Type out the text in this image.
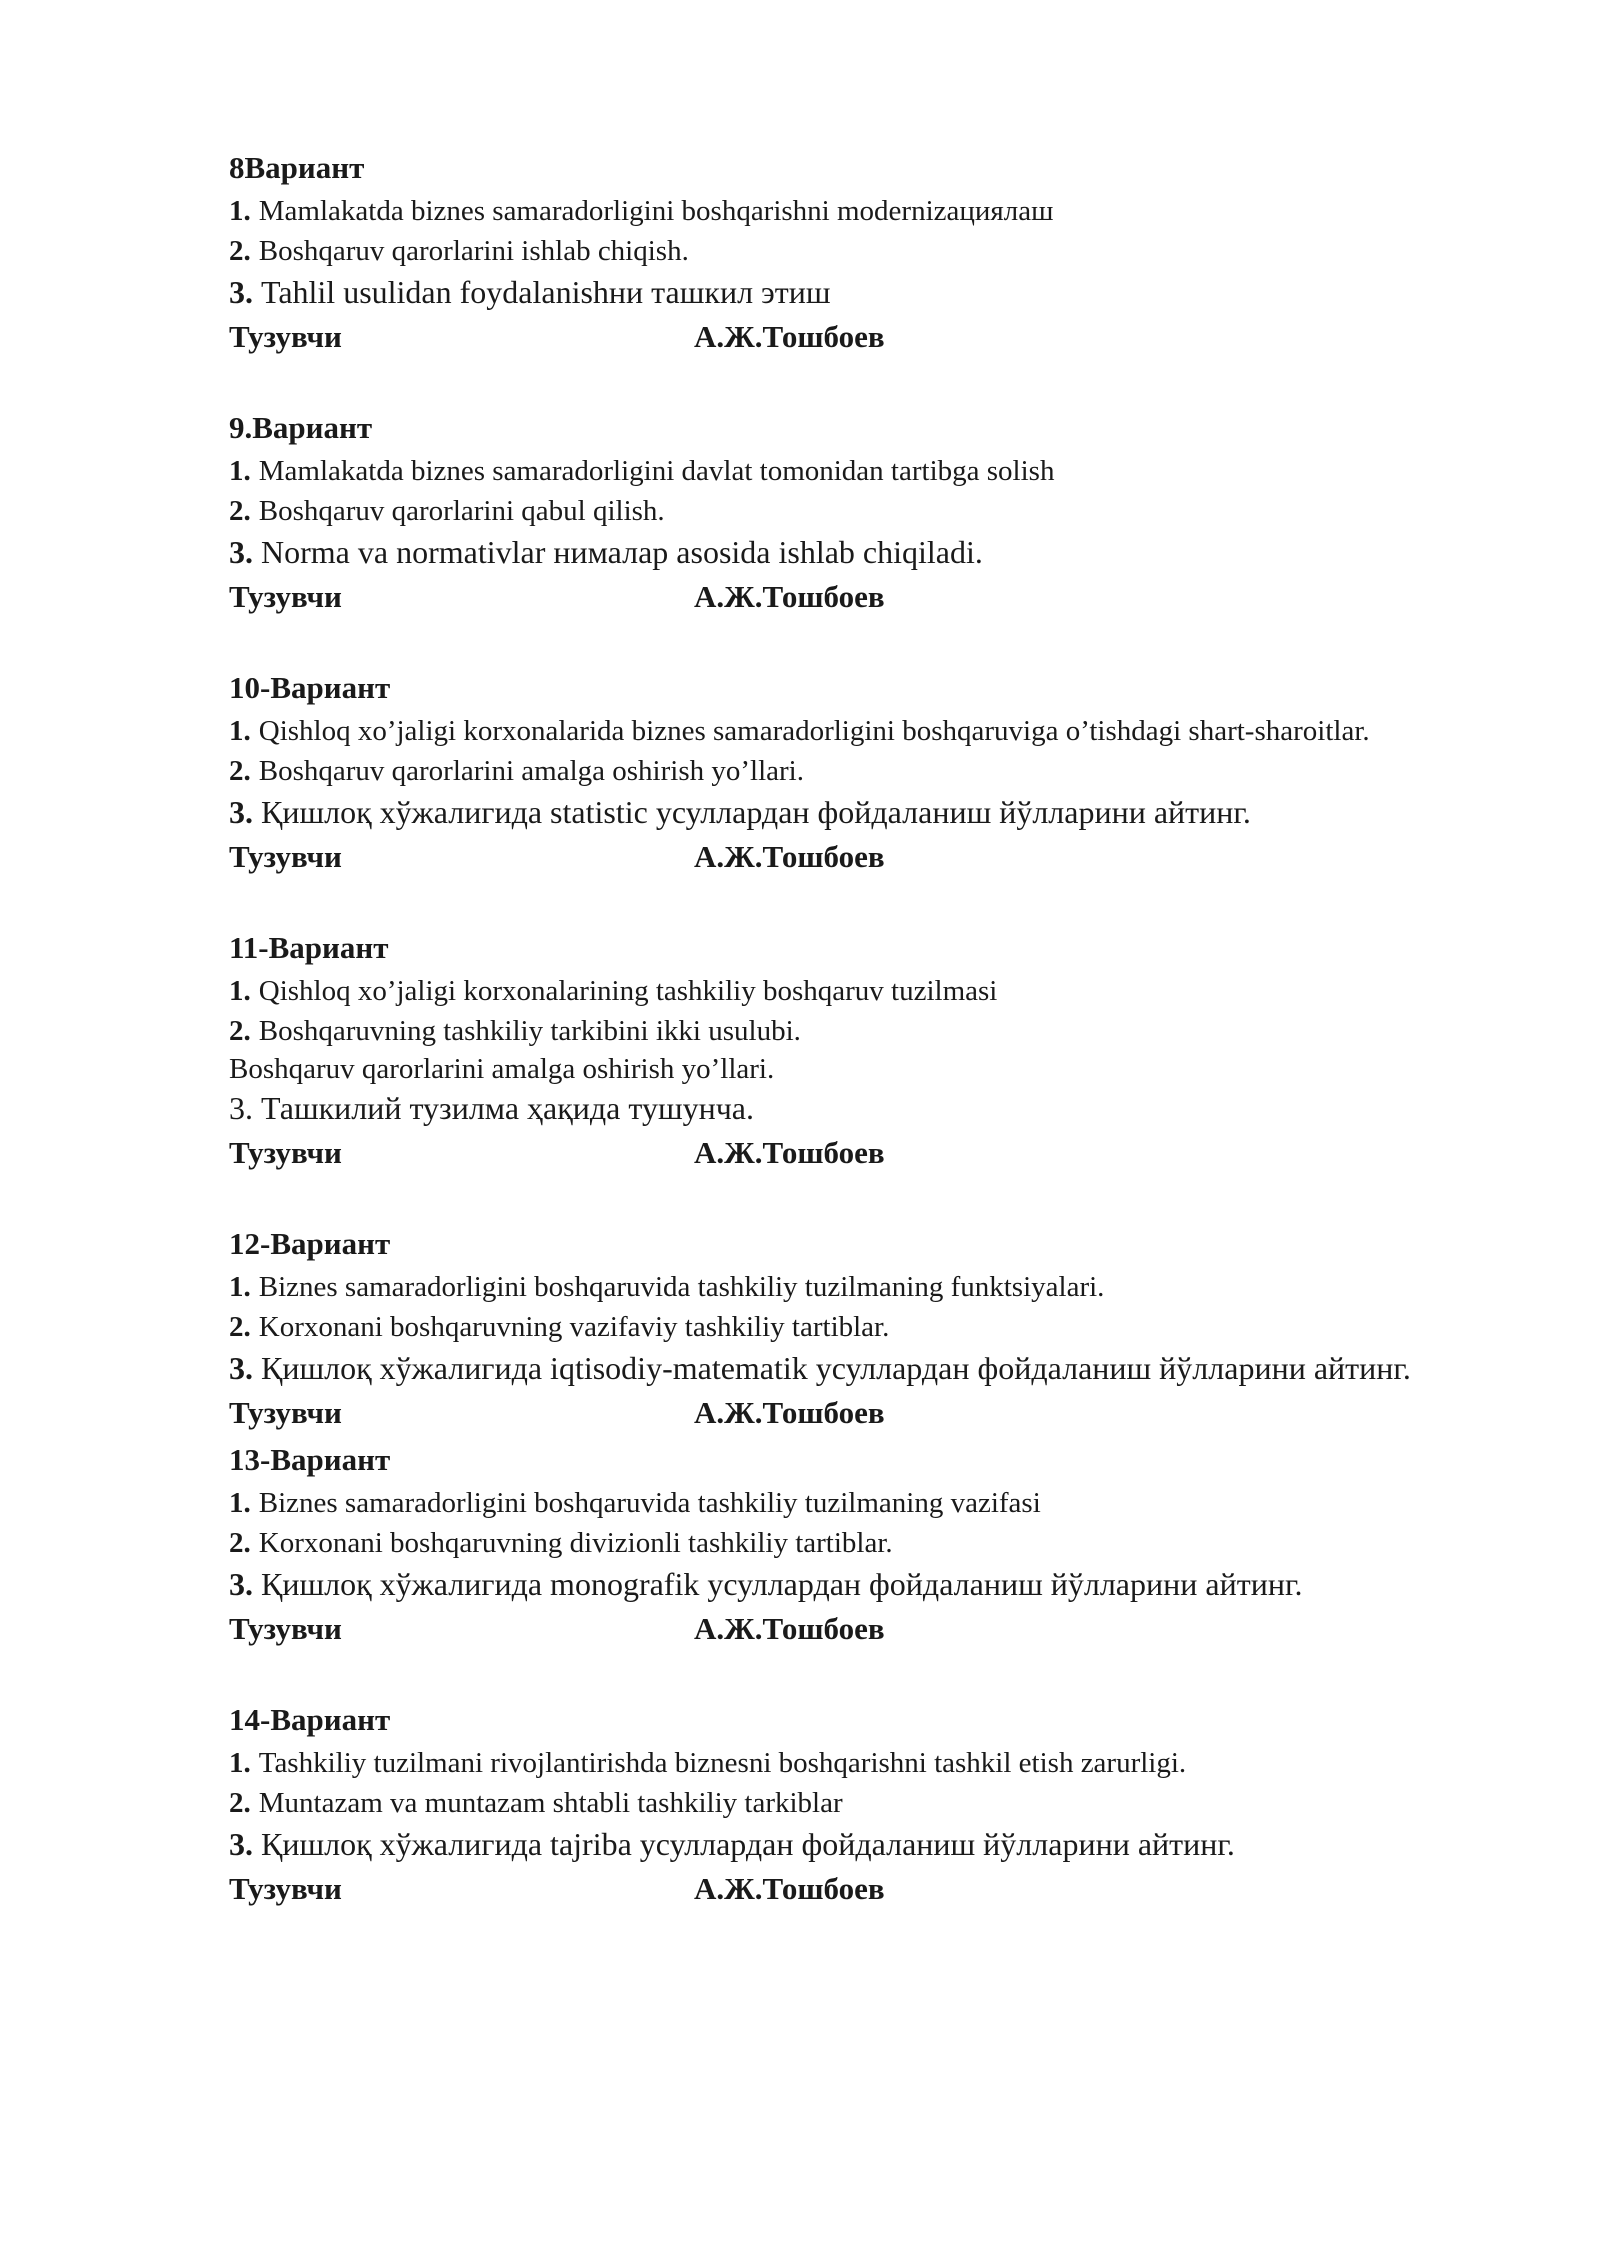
8Вариант

1. Mamlakatda biznes samaradorligini boshqarishni modernizaциялаш

2. Boshqaruv qarorlarini ishlab chiqish.

3. Tahlil usulidan foydalanishни ташкил этиш

Тузувчи	А.Ж.Тошбоев

9.Вариант

1. Mamlakatda biznes samaradorligini davlat tomonidan tartibga solish

2. Boshqaruv qarorlarini qabul qilish.

3. Norma va normativlar нималар asosida ishlab chiqiladi.

Тузувчи	А.Ж.Тошбоев

10-Вариант

1. Qishloq xo’jaligi korxonalarida biznes samaradorligini boshqaruviga o’tishdagi shart-sharoitlar.

2. Boshqaruv qarorlarini amalga oshirish yo’llari.

3. Қишлоқ хўжалигида statistic усуллардан фойдаланиш йўлларини айтинг.

Тузувчи	А.Ж.Тошбоев

11-Вариант

1. Qishloq xo’jaligi korxonalarining tashkiliy boshqaruv tuzilmasi

2. Boshqaruvning tashkiliy tarkibini ikki usulubi.

Boshqaruv qarorlarini amalga oshirish yo’llari.

3. Ташкилий тузилма ҳақида тушунча.

Тузувчи	А.Ж.Тошбоев

12-Вариант

1. Biznes samaradorligini boshqaruvida tashkiliy tuzilmaning funktsiyalari.

2. Korxonani boshqaruvning vazifaviy tashkiliy tartiblar.

3. Қишлоқ хўжалигида iqtisodiy-matematik усуллардан фойдаланиш йўлларини айтинг.

Тузувчи	А.Ж.Тошбоев

13-Вариант

1. Biznes samaradorligini boshqaruvida tashkiliy tuzilmaning vazifasi

2. Korxonani boshqaruvning divizionli tashkiliy tartiblar.

3. Қишлоқ хўжалигида monografik усуллардан фойдаланиш йўлларини айтинг.

Тузувчи	А.Ж.Тошбоев

14-Вариант

1. Tashkiliy tuzilmani rivojlantirishda biznesni boshqarishni tashkil etish zarurligi.

2. Muntazam va muntazam shtabli tashkiliy tarkiblar

3. Қишлоқ хўжалигида tajriba усуллардан фойдаланиш йўлларини айтинг.

Тузувчи	А.Ж.Тошбоев
